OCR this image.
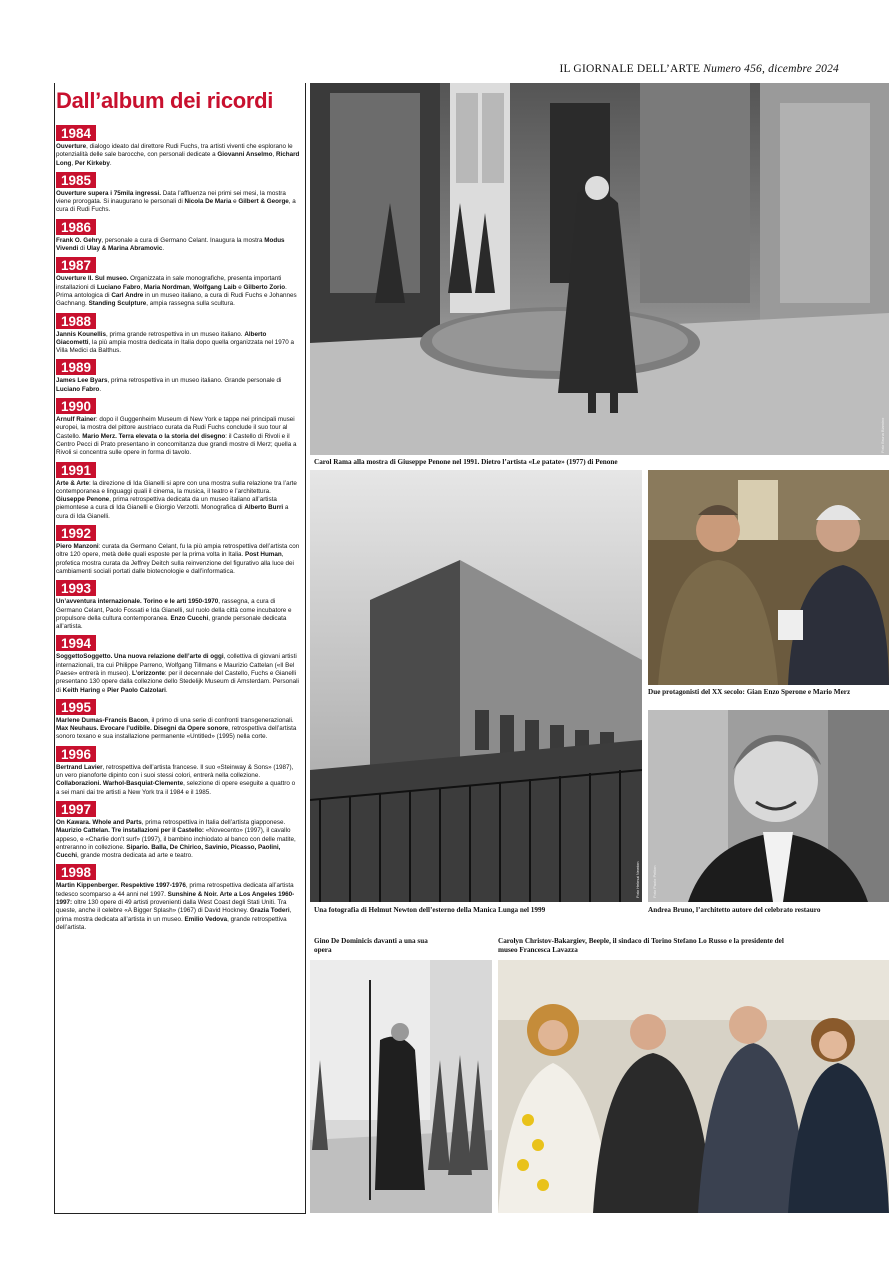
IL GIORNALE DELL’ARTE Numero 456, dicembre 2024
Dall’album dei ricordi
1984
Ouverture, dialogo ideato dal direttore Rudi Fuchs, tra artisti viventi che esplorano le potenzialità delle sale barocche, con personali dedicate a Giovanni Anselmo, Richard Long, Per Kirkeby.
1985
Ouverture supera i 75mila ingressi. Data l’affluenza nei primi sei mesi, la mostra viene prorogata. Si inaugurano le personali di Nicola De Maria e Gilbert & George, a cura di Rudi Fuchs.
1986
Frank O. Gehry, personale a cura di Germano Celant. Inaugura la mostra Modus Vivendi di Ulay & Marina Abramovic.
1987
Ouverture II. Sul museo. Organizzata in sale monografiche, presenta importanti installazioni di Luciano Fabro, Maria Nordman, Wolfgang Laib e Gilberto Zorio. Prima antologica di Carl Andre in un museo italiano, a cura di Rudi Fuchs e Johannes Gachnang. Standing Sculpture, ampia rassegna sulla scultura.
1988
Jannis Kounellis, prima grande retrospettiva in un museo italiano. Alberto Giacometti, la più ampia mostra dedicata in Italia dopo quella organizzata nel 1970 a Villa Medici da Balthus.
1989
James Lee Byars, prima retrospettiva in un museo italiano. Grande personale di Luciano Fabro.
1990
Arnulf Rainer: dopo il Guggenheim Museum di New York e tappe nei principali musei europei, la mostra del pittore austriaco curata da Rudi Fuchs conclude il suo tour al Castello. Mario Merz. Terra elevata o la storia del disegno: il Castello di Rivoli e il Centro Pecci di Prato presentano in concomitanza due grandi mostre di Merz; quella a Rivoli si concentra sulle opere in forma di tavolo.
1991
Arte & Arte: la direzione di Ida Gianelli si apre con una mostra sulla relazione tra l’arte contemporanea e linguaggi quali il cinema, la musica, il teatro e l’architettura. Giuseppe Penone, prima retrospettiva dedicata da un museo italiano all’artista piemontese a cura di Ida Gianelli e Giorgio Verzotti. Monografica di Alberto Burri a cura di Ida Gianelli.
1992
Piero Manzoni: curata da Germano Celant, fu la più ampia retrospettiva dell’artista con oltre 120 opere, metà delle quali esposte per la prima volta in Italia. Post Human, profetica mostra curata da Jeffrey Deitch sulla reinvenzione del figurativo alla luce dei cambiamenti sociali portati dalle biotecnologie e dall’informatica.
1993
Un’avventura internazionale. Torino e le arti 1950-1970, rassegna, a cura di Germano Celant, Paolo Fossati e Ida Gianelli, sul ruolo della città come incubatore e propulsore della cultura contemporanea. Enzo Cucchi, grande personale dedicata all’artista.
1994
SoggettoSoggetto. Una nuova relazione dell’arte di oggi, collettiva di giovani artisti internazionali, tra cui Philippe Parreno, Wolfgang Tillmans e Maurizio Cattelan («Il Bel Paese» entrerà in museo). L’orizzonte: per il decennale del Castello, Fuchs e Gianelli presentano 130 opere dalla collezione dello Stedelijk Museum di Amsterdam. Personali di Keith Haring e Pier Paolo Calzolari.
1995
Marlene Dumas-Francis Bacon, il primo di una serie di confronti transgenerazionali. Max Neuhaus. Evocare l’udibile. Disegni da Opere sonore, retrospettiva dell’artista sonoro texano e sua installazione permanente «Untitled» (1995) nella corte.
1996
Bertrand Lavier, retrospettiva dell’artista francese. Il suo «Steinway & Sons» (1987), un vero pianoforte dipinto con i suoi stessi colori, entrerà nella collezione. Collaborazioni. Warhol-Basquiat-Clemente, selezione di opere eseguite a quattro o a sei mani dai tre artisti a New York tra il 1984 e il 1985.
1997
On Kawara. Whole and Parts, prima retrospettiva in Italia dell’artista giapponese. Maurizio Cattelan. Tre installazioni per il Castello: «Novecento» (1997), il cavallo appeso, e «Charlie don’t surf» (1997), il bambino inchiodato al banco con delle matite, entreranno in collezione. Sipario. Balla, De Chirico, Savinio, Picasso, Paolini, Cucchi, grande mostra dedicata ad arte e teatro.
1998
Martin Kippenberger. Respektive 1997-1976, prima retrospettiva dedicata all’artista tedesco scomparso a 44 anni nel 1997. Sunshine & Noir. Arte a Los Angeles 1960-1997: oltre 130 opere di 49 artisti provenienti dalla West Coast degli Stati Uniti. Tra queste, anche il celebre «A Bigger Splash» (1967) di David Hockney. Grazia Toderi, prima mostra dedicata all’artista in un museo. Emilio Vedova, grande retrospettiva dell’artista.
Foto Bruna Biamino
Carol Rama alla mostra di Giuseppe Penone nel 1991. Dietro l’artista «Le patate» (1977) di Penone
Foto Helmut Newton
Una fotografia di Helmut Newton dell’esterno della Manica Lunga nel 1999
Due protagonisti del XX secolo: Gian Enzo Sperone e Mario Merz
Foto Paolo Pellion
Andrea Bruno, l’architetto autore del celebrato restauro
Gino De Dominicis davanti a una sua opera
Carolyn Christov-Bakargiev, Beeple, il sindaco di Torino Stefano Lo Russo e la presidente del museo Francesca Lavazza
